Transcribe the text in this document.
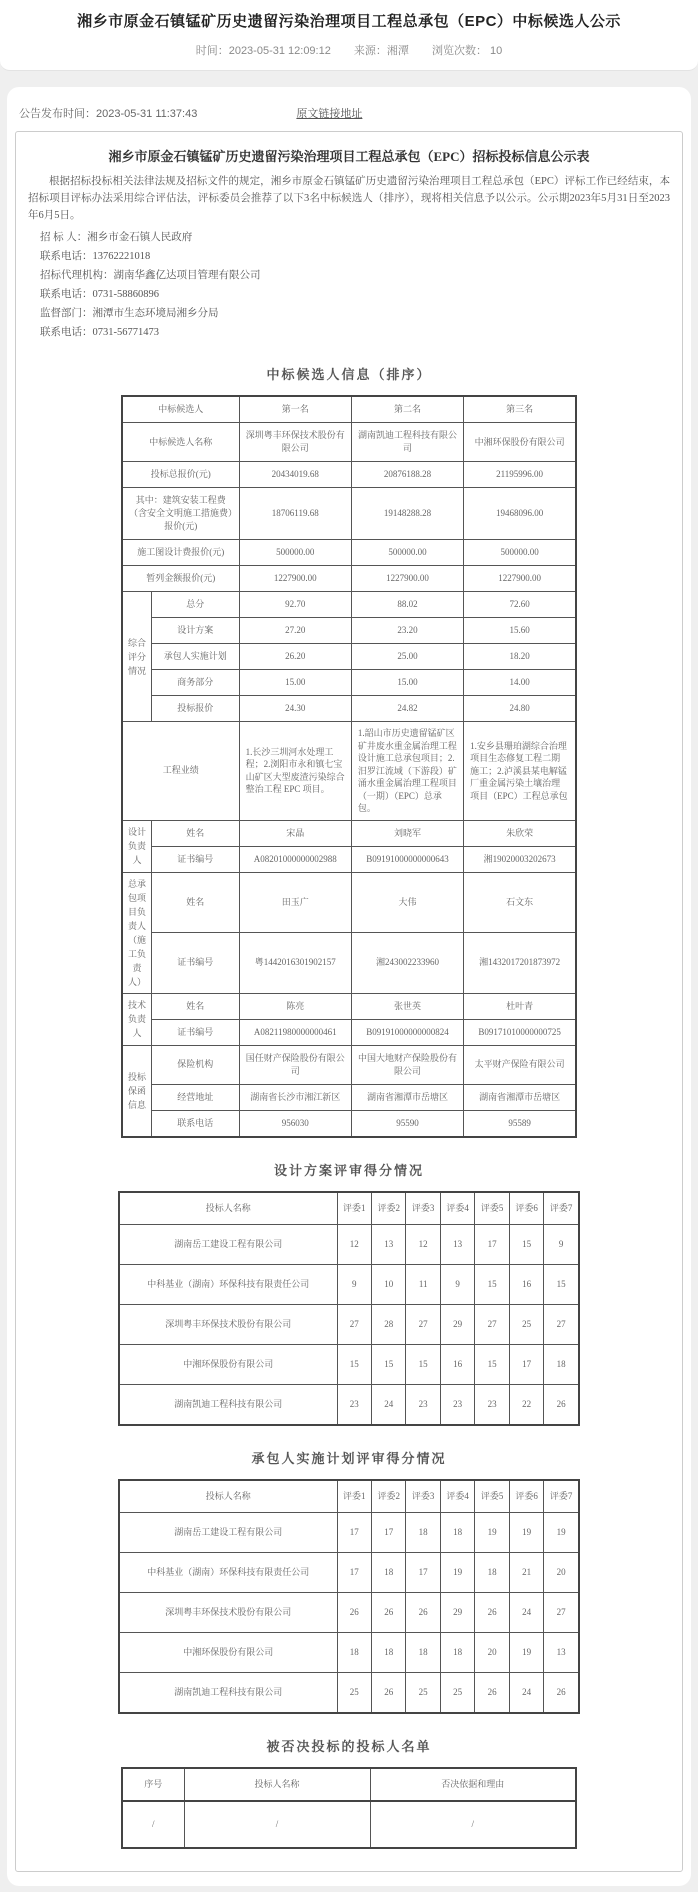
湘乡市原金石镇锰矿历史遗留污染治理项目工程总承包（EPC）中标候选人公示
时间：2023-05-31 12:09:12 来源：湘潭 浏览次数： 10
公告发布时间：2023-05-31 11:37:43	原文链接地址
湘乡市原金石镇锰矿历史遗留污染治理项目工程总承包（EPC）招标投标信息公示表

根据招标投标相关法律法规及招标文件的规定，湘乡市原金石镇锰矿历史遗留污染治理项目工程总承包（EPC）评标工作已经结束，本招标项目评标办法采用综合评估法，评标委员会推荐了以下3名中标候选人（排序），现将相关信息予以公示。公示期2023年5月31日至2023年6月5日。

招 标 人：湘乡市金石镇人民政府
联系电话：13762221018
招标代理机构：湖南华鑫亿达项目管理有限公司
联系电话：0731-58860896
监督部门：湘潭市生态环境局湘乡分局
联系电话：0731-56771473
中标候选人信息（排序）
中标候选人		第一名	第二名	第三名
中标候选人名称		深圳粤丰环保技术股份有限公司	湖南凯迪工程科技有限公司	中湘环保股份有限公司
投标总报价(元)		20434019.68	20876188.28	21195996.00
其中：建筑安装工程费（含安全文明施工措施费）报价(元)		18706119.68	19148288.28	19468096.00
施工图设计费报价(元)		500000.00	500000.00	500000.00
暂列金额报价(元)		1227900.00	1227900.00	1227900.00
综合评分情况	总分	92.70	88.02	72.60
	设计方案	27.20	23.20	15.60
	承包人实施计划	26.20	25.00	18.20
	商务部分	15.00	15.00	14.00
	投标报价	24.30	24.82	24.80
工程业绩		1.长沙三圳河水处理工程；2.浏阳市永和镇七宝山矿区大型废渣污染综合整治工程 EPC 项目。	1.韶山市历史遗留锰矿区矿井废水重金属治理工程设计施工总承包项目；2.汨罗江流域（下游段）矿涌水重金属治理工程项目（一期）（EPC）总承包。	1.安乡县珊珀湖综合治理项目生态修复工程二期施工；2.泸溪县某电解锰厂重金属污染土壤治理项目（EPC）工程总承包
设计负责人	姓名	宋晶	刘晓军	朱欣荣
	证书编号	A08201000000002988	B09191000000000643	湘19020003202673
总承包项目负责人（施工负责人）	姓名	田玉广	大伟	石文东
	证书编号	粤1442016301902157	湘243002233960	湘1432017201873972
技术负责人	姓名	陈亮	张世英	杜叶青
	证书编号	A08211980000000461	B09191000000000824	B09171010000000725
投标保函信息	保险机构	国任财产保险股份有限公司	中国大地财产保险股份有限公司	太平财产保险有限公司
	经营地址	湖南省长沙市湘江新区	湖南省湘潭市岳塘区	湖南省湘潭市岳塘区
	联系电话	956030	95590	95589
设计方案评审得分情况
投标人名称	评委1	评委2	评委3	评委4	评委5	评委6	评委7
湖南岳工建设工程有限公司	12	13	12	13	17	15	9
中科基业（湖南）环保科技有限责任公司	9	10	11	9	15	16	15
深圳粤丰环保技术股份有限公司	27	28	27	29	27	25	27
中湘环保股份有限公司	15	15	15	16	15	17	18
湖南凯迪工程科技有限公司	23	24	23	23	23	22	26
承包人实施计划评审得分情况
投标人名称	评委1	评委2	评委3	评委4	评委5	评委6	评委7
湖南岳工建设工程有限公司	17	17	18	18	19	19	19
中科基业（湖南）环保科技有限责任公司	17	18	17	19	18	21	20
深圳粤丰环保技术股份有限公司	26	26	26	29	26	24	27
中湘环保股份有限公司	18	18	18	18	20	19	13
湖南凯迪工程科技有限公司	25	26	25	25	26	24	26
被否决投标的投标人名单
序号	投标人名称	否决依据和理由
/	/	/
